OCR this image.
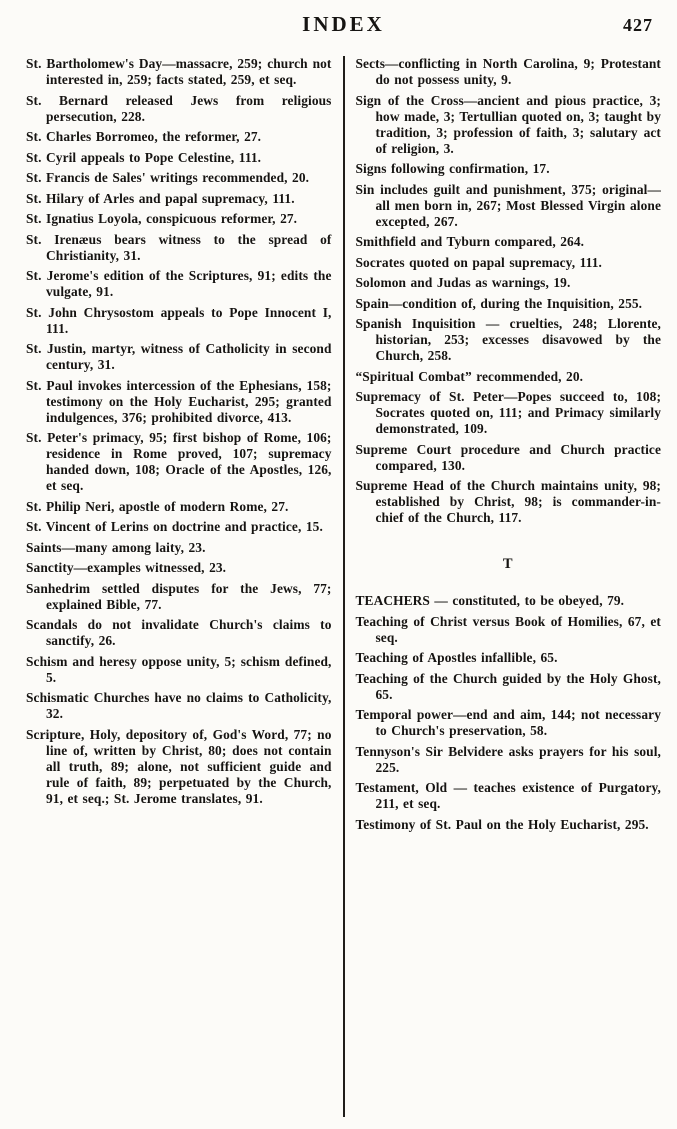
INDEX	427

St. Bartholomew's Day—massacre, 259; church not interested in, 259; facts stated, 259, et seq.

St. Bernard released Jews from religious persecution, 228.

St. Charles Borromeo, the reformer, 27.

St. Cyril appeals to Pope Celestine, 111.

St. Francis de Sales' writings recommended, 20.

St. Hilary of Arles and papal supremacy, 111.

St. Ignatius Loyola, conspicuous reformer, 27.

St. Irenæus bears witness to the spread of Christianity, 31.

St. Jerome's edition of the Scriptures, 91; edits the vulgate, 91.

St. John Chrysostom appeals to Pope Innocent I, 111.

St. Justin, martyr, witness of Catholicity in second century, 31.

St. Paul invokes intercession of the Ephesians, 158; testimony on the Holy Eucharist, 295; granted indulgences, 376; prohibited divorce, 413.

St. Peter's primacy, 95; first bishop of Rome, 106; residence in Rome proved, 107; supremacy handed down, 108; Oracle of the Apostles, 126, et seq.

St. Philip Neri, apostle of modern Rome, 27.

St. Vincent of Lerins on doctrine and practice, 15.

Saints—many among laity, 23.

Sanctity—examples witnessed, 23.

Sanhedrim settled disputes for the Jews, 77; explained Bible, 77.

Scandals do not invalidate Church's claims to sanctify, 26.

Schism and heresy oppose unity, 5; schism defined, 5.

Schismatic Churches have no claims to Catholicity, 32.

Scripture, Holy, depository of, God's Word, 77; no line of, written by Christ, 80; does not contain all truth, 89; alone, not sufficient guide and rule of faith, 89; perpetuated by the Church, 91, et seq.; St. Jerome translates, 91.

Sects—conflicting in North Carolina, 9; Protestant do not possess unity, 9.

Sign of the Cross—ancient and pious practice, 3; how made, 3; Tertullian quoted on, 3; taught by tradition, 3; profession of faith, 3; salutary act of religion, 3.

Signs following confirmation, 17.

Sin includes guilt and punishment, 375; original—all men born in, 267; Most Blessed Virgin alone excepted, 267.

Smithfield and Tyburn compared, 264.

Socrates quoted on papal supremacy, 111.

Solomon and Judas as warnings, 19.

Spain—condition of, during the Inquisition, 255.

Spanish Inquisition — cruelties, 248; Llorente, historian, 253; excesses disavowed by the Church, 258.

“Spiritual Combat” recommended, 20.

Supremacy of St. Peter—Popes succeed to, 108; Socrates quoted on, 111; and Primacy similarly demonstrated, 109.

Supreme Court procedure and Church practice compared, 130.

Supreme Head of the Church maintains unity, 98; established by Christ, 98; is commander-in-chief of the Church, 117.

T

TEACHERS — constituted, to be obeyed, 79.

Teaching of Christ versus Book of Homilies, 67, et seq.

Teaching of Apostles infallible, 65.

Teaching of the Church guided by the Holy Ghost, 65.

Temporal power—end and aim, 144; not necessary to Church's preservation, 58.

Tennyson's Sir Belvidere asks prayers for his soul, 225.

Testament, Old — teaches existence of Purgatory, 211, et seq.

Testimony of St. Paul on the Holy Eucharist, 295.
